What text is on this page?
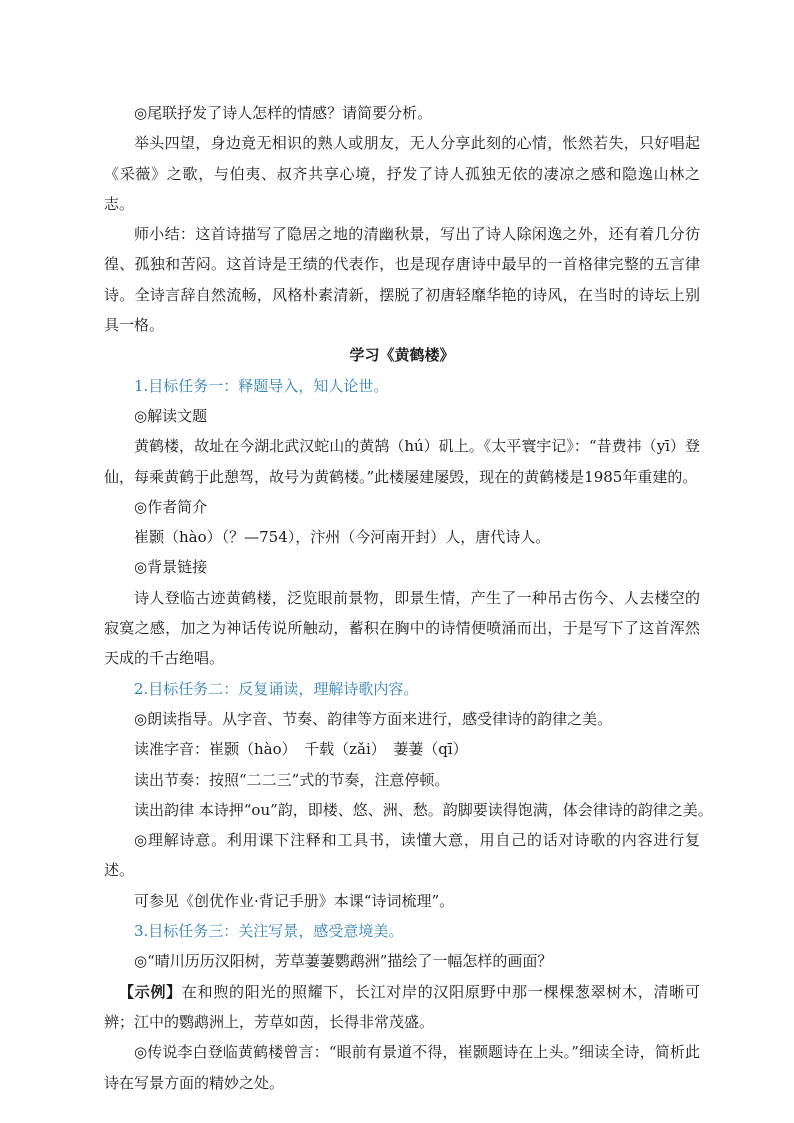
◎尾联抒发了诗人怎样的情感？请简要分析。

举头四望，身边竟无相识的熟人或朋友，无人分享此刻的心情，怅然若失，只好唱起《采薇》之歌，与伯夷、叔齐共享心境，抒发了诗人孤独无依的凄凉之感和隐逸山林之志。

师小结：这首诗描写了隐居之地的清幽秋景，写出了诗人除闲逸之外，还有着几分彷徨、孤独和苦闷。这首诗是王绩的代表作，也是现存唐诗中最早的一首格律完整的五言律诗。全诗言辞自然流畅，风格朴素清新，摆脱了初唐轻靡华艳的诗风，在当时的诗坛上别具一格。

学习《黄鹤楼》

1.目标任务一：释题导入，知人论世。

◎解读文题

黄鹤楼，故址在今湖北武汉蛇山的黄鹄（hú）矶上。《太平寰宇记》：“昔费祎（yī）登仙，每乘黄鹤于此憩驾，故号为黄鹤楼。”此楼屡建屡毁，现在的黄鹤楼是1985年重建的。

◎作者简介

崔颢（hào）（？—754），汴州（今河南开封）人，唐代诗人。

◎背景链接

诗人登临古迹黄鹤楼，泛览眼前景物，即景生情，产生了一种吊古伤今、人去楼空的寂寞之感，加之为神话传说所触动，蓄积在胸中的诗情便喷涌而出，于是写下了这首浑然天成的千古绝唱。

2.目标任务二：反复诵读，理解诗歌内容。

◎朗读指导。从字音、节奏、韵律等方面来进行，感受律诗的韵律之美。

读准字音：崔颢（hào）　千载（zǎi）　萋萋（qī）

读出节奏：按照“二二三”式的节奏，注意停顿。

读出韵律 本诗押“ou”韵，即楼、悠、洲、愁。韵脚要读得饱满，体会律诗的韵律之美。

◎理解诗意。利用课下注释和工具书，读懂大意，用自己的话对诗歌的内容进行复述。

可参见《创优作业·背记手册》本课“诗词梳理”。

3.目标任务三：关注写景，感受意境美。

◎“晴川历历汉阳树，芳草萋萋鹦鹉洲”描绘了一幅怎样的画面？

【示例】在和煦的阳光的照耀下，长江对岸的汉阳原野中那一棵棵葱翠树木，清晰可辨；江中的鹦鹉洲上，芳草如茵，长得非常茂盛。

◎传说李白登临黄鹤楼曾言：“眼前有景道不得，崔颢题诗在上头。”细读全诗，简析此诗在写景方面的精妙之处。
